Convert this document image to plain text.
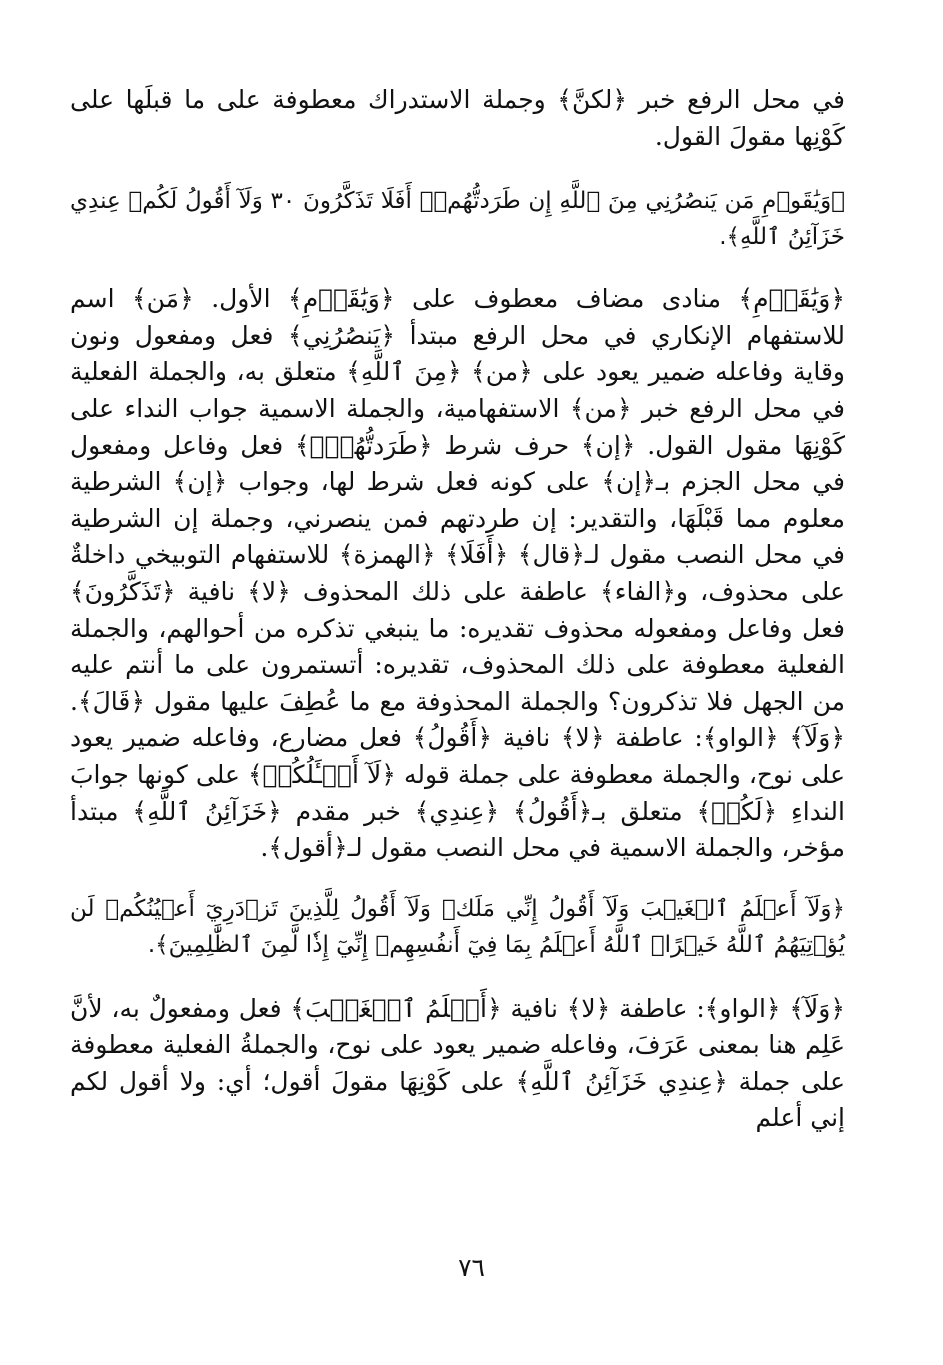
في محل الرفع خبر ﴿لكنَّ﴾ وجملة الاستدراك معطوفة على ما قبلَها على كَوْنِها مقولَ القول.

﴿وَيَٰقَوۡمِ مَن يَنصُرُنِي مِنَ ٱللَّهِ إِن طَرَدتُّهُمۡۚ أَفَلَا تَذَكَّرُونَ ٣٠ وَلَآ أَقُولُ لَكُمۡ عِندِي خَزَآئِنُ ٱللَّهِ﴾.

﴿وَيَٰقَوۡمِ﴾ منادى مضاف معطوف على ﴿وَيَٰقَوۡمِ﴾ الأول. ﴿مَن﴾ اسم للاستفهام الإنكاري في محل الرفع مبتدأ ﴿يَنصُرُنِي﴾ فعل ومفعول ونون وقاية وفاعله ضمير يعود على ﴿من﴾ ﴿مِنَ ٱللَّهِ﴾ متعلق به، والجملة الفعلية في محل الرفع خبر ﴿من﴾ الاستفهامية، والجملة الاسمية جواب النداء على كَوْنِهَا مقول القول. ﴿إن﴾ حرف شرط ﴿طَرَدتُّهُمۡۚ﴾ فعل وفاعل ومفعول في محل الجزم بـ﴿إن﴾ على كونه فعل شرط لها، وجواب ﴿إن﴾ الشرطية معلوم مما قَبْلَهَا، والتقدير: إن طردتهم فمن ينصرني، وجملة إن الشرطية في محل النصب مقول لـ﴿قال﴾ ﴿أَفَلَا﴾ ﴿الهمزة﴾ للاستفهام التوبيخي داخلةٌ على محذوف، و﴿الفاء﴾ عاطفة على ذلك المحذوف ﴿لا﴾ نافية ﴿تَذَكَّرُونَ﴾ فعل وفاعل ومفعوله محذوف تقديره: ما ينبغي تذكره من أحوالهم، والجملة الفعلية معطوفة على ذلك المحذوف، تقديره: أتستمرون على ما أنتم عليه من الجهل فلا تذكرون؟ والجملة المحذوفة مع ما عُطِفَ عليها مقول ﴿قَالَ﴾. ﴿وَلَآ﴾ ﴿الواو﴾: عاطفة ﴿لا﴾ نافية ﴿أَقُولُ﴾ فعل مضارع، وفاعله ضمير يعود على نوح، والجملة معطوفة على جملة قوله ﴿لَآ أَسۡـَٔلُكُمۡ﴾ على كونها جوابَ النداءِ ﴿لَكُمۡ﴾ متعلق بـ﴿أَقُولُ﴾ ﴿عِندِي﴾ خبر مقدم ﴿خَزَآئِنُ ٱللَّهِ﴾ مبتدأ مؤخر، والجملة الاسمية في محل النصب مقول لـ﴿أقول﴾.

﴿وَلَآ أَعۡلَمُ ٱلۡغَيۡبَ وَلَآ أَقُولُ إِنِّي مَلَكٞ وَلَآ أَقُولُ لِلَّذِينَ تَزۡدَرِيٓ أَعۡيُنُكُمۡ لَن يُؤۡتِيَهُمُ ٱللَّهُ خَيۡرًاۖ ٱللَّهُ أَعۡلَمُ بِمَا فِيٓ أَنفُسِهِمۡ إِنِّيٓ إِذٗا لَّمِنَ ٱلظَّٰلِمِينَ﴾.

﴿وَلَآ﴾ ﴿الواو﴾: عاطفة ﴿لا﴾ نافية ﴿أَعۡلَمُ ٱلۡغَيۡبَ﴾ فعل ومفعولٌ به، لأنَّ عَلِم هنا بمعنى عَرَفَ، وفاعله ضمير يعود على نوح، والجملةُ الفعلية معطوفة على جملة ﴿عِندِي خَزَآئِنُ ٱللَّهِ﴾ على كَوْنِهَا مقولَ أقول؛ أي: ولا أقول لكم إني أعلم

٧٦
